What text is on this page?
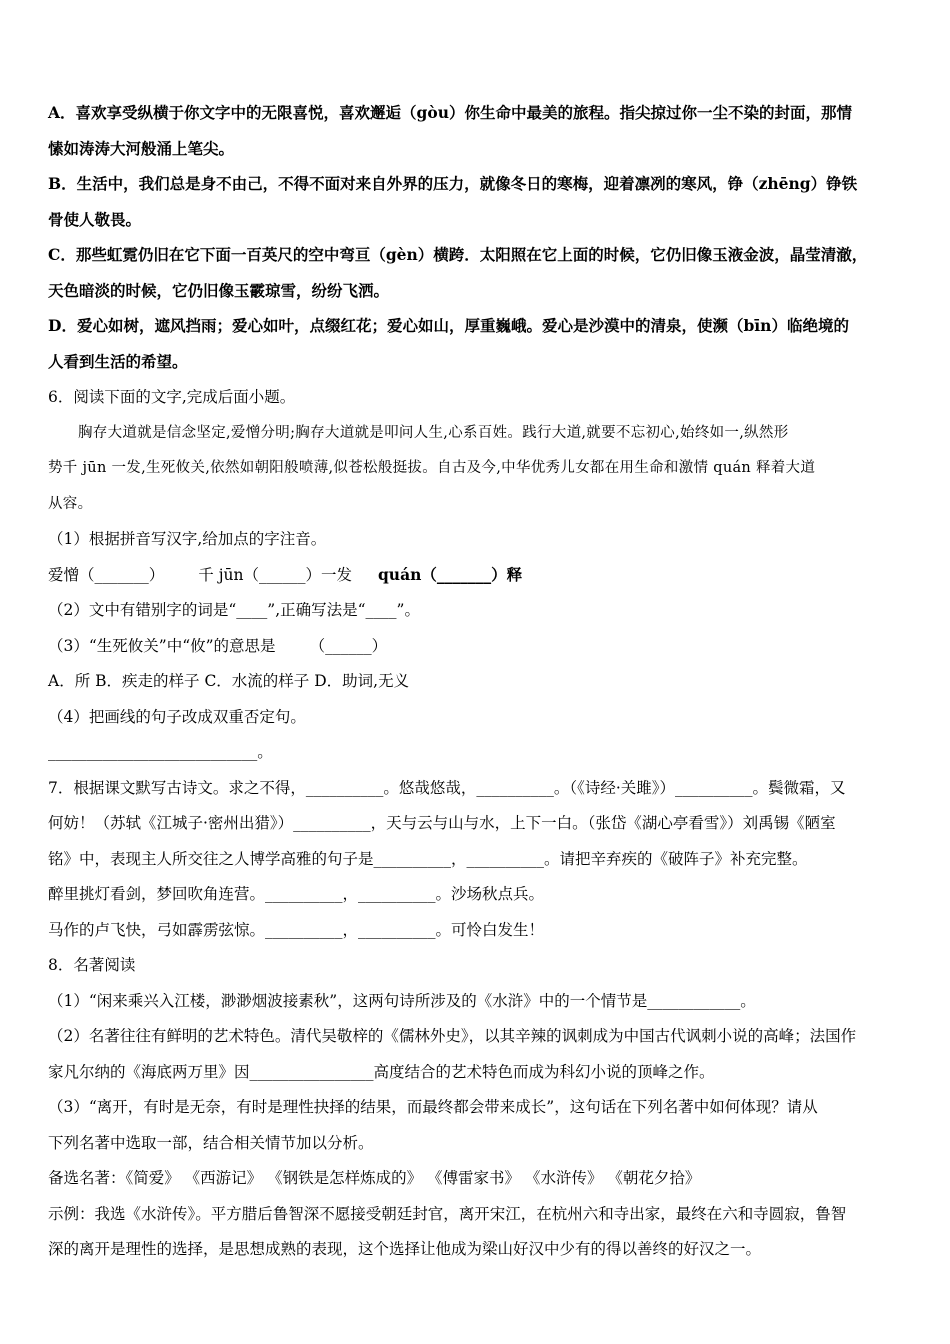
A．喜欢享受纵横于你文字中的无限喜悦，喜欢邂逅（gòu）你生命中最美的旅程。指尖掠过你一尘不染的封面，那情
愫如涛涛大河般涌上笔尖。
B．生活中，我们总是身不由己，不得不面对来自外界的压力，就像冬日的寒梅，迎着凛冽的寒风，铮（zhēng）铮铁
骨使人敬畏。
C．那些虹霓仍旧在它下面一百英尺的空中弯亘（gèn）横跨．太阳照在它上面的时候，它仍旧像玉液金波，晶莹清澈，
天色暗淡的时候，它仍旧像玉霰琼雪，纷纷飞洒。
D．爱心如树，遮风挡雨；爱心如叶，点缀红花；爱心如山，厚重巍峨。爱心是沙漠中的清泉，使濒（bīn）临绝境的
人看到生活的希望。
6．阅读下面的文字,完成后面小题。
胸存大道就是信念坚定,爱憎分明;胸存大道就是叩问人生,心系百姓。践行大道,就要不忘初心,始终如一,纵然形
势千 jūn 一发,生死攸关,依然如朝阳般喷薄,似苍松般挺拔。自古及今,中华优秀儿女都在用生命和激情 quán 释着大道
从容。
（1）根据拼音写汉字,给加点的字注音。
爱憎（_______） 千 jūn（______）一发 quán（_______）释
（2）文中有错别字的词是“____”,正确写法是“____”。
（3）“生死攸关”中“攸”的意思是 （______）
A．所 B．疾走的样子 C．水流的样子 D．助词,无义
（4）把画线的句子改成双重否定句。
___________________________。
7．根据课文默写古诗文。求之不得，__________。悠哉悠哉，__________。（《诗经·关雎》）__________。鬓微霜，又
何妨！（苏轼《江城子·密州出猎》）__________，天与云与山与水，上下一白。（张岱《湖心亭看雪》）刘禹锡《陋室
铭》中，表现主人所交往之人博学高雅的句子是__________，__________。请把辛弃疾的《破阵子》补充完整。
醉里挑灯看剑，梦回吹角连营。__________，__________。沙场秋点兵。
马作的卢飞快，弓如霹雳弦惊。__________，__________。可怜白发生！
8．名著阅读
（1）“闲来乘兴入江楼，渺渺烟波接素秋”，这两句诗所涉及的《水浒》中的一个情节是____________。
（2）名著往往有鲜明的艺术特色。清代吴敬梓的《儒林外史》，以其辛辣的讽刺成为中国古代讽刺小说的高峰；法国作
家凡尔纳的《海底两万里》因________________高度结合的艺术特色而成为科幻小说的顶峰之作。
（3）“离开，有时是无奈，有时是理性抉择的结果，而最终都会带来成长”，这句话在下列名著中如何体现？请从
下列名著中选取一部，结合相关情节加以分析。
备选名著：《简爱》 《西游记》 《钢铁是怎样炼成的》 《傅雷家书》 《水浒传》 《朝花夕拾》
示例：我选《水浒传》。平方腊后鲁智深不愿接受朝廷封官，离开宋江，在杭州六和寺出家，最终在六和寺圆寂，鲁智
深的离开是理性的选择，是思想成熟的表现，这个选择让他成为梁山好汉中少有的得以善终的好汉之一。
